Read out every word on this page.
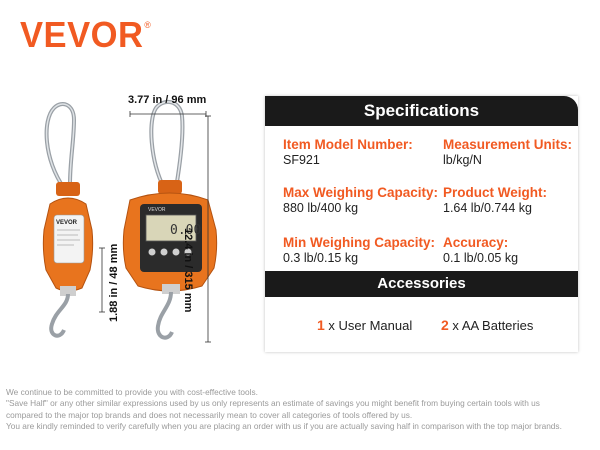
VEVOR®
VEVOR
VEVOR
0.00
3.77 in / 96 mm
12.4 in / 315 mm
1.88 in / 48 mm
Specifications
Item Model Number:
SF921
Measurement Units:
lb/kg/N
Max Weighing Capacity:
880 lb/400 kg
Product Weight:
1.64 lb/0.744 kg
Min Weighing Capacity:
0.3 lb/0.15 kg
Accuracy:
0.1 lb/0.05 kg
Accessories
1 x User Manual 2 x AA Batteries
We continue to be committed to provide you with cost-effective tools.
"Save Half" or any other similar expressions used by us only represents an estimate of savings you might benefit from buying certain tools with us
compared to the major top brands and does not necessarily mean to cover all categories of tools offered by us.
You are kindly reminded to verify carefully when you are placing an order with us if you are actually saving half in comparison with the top major brands.
